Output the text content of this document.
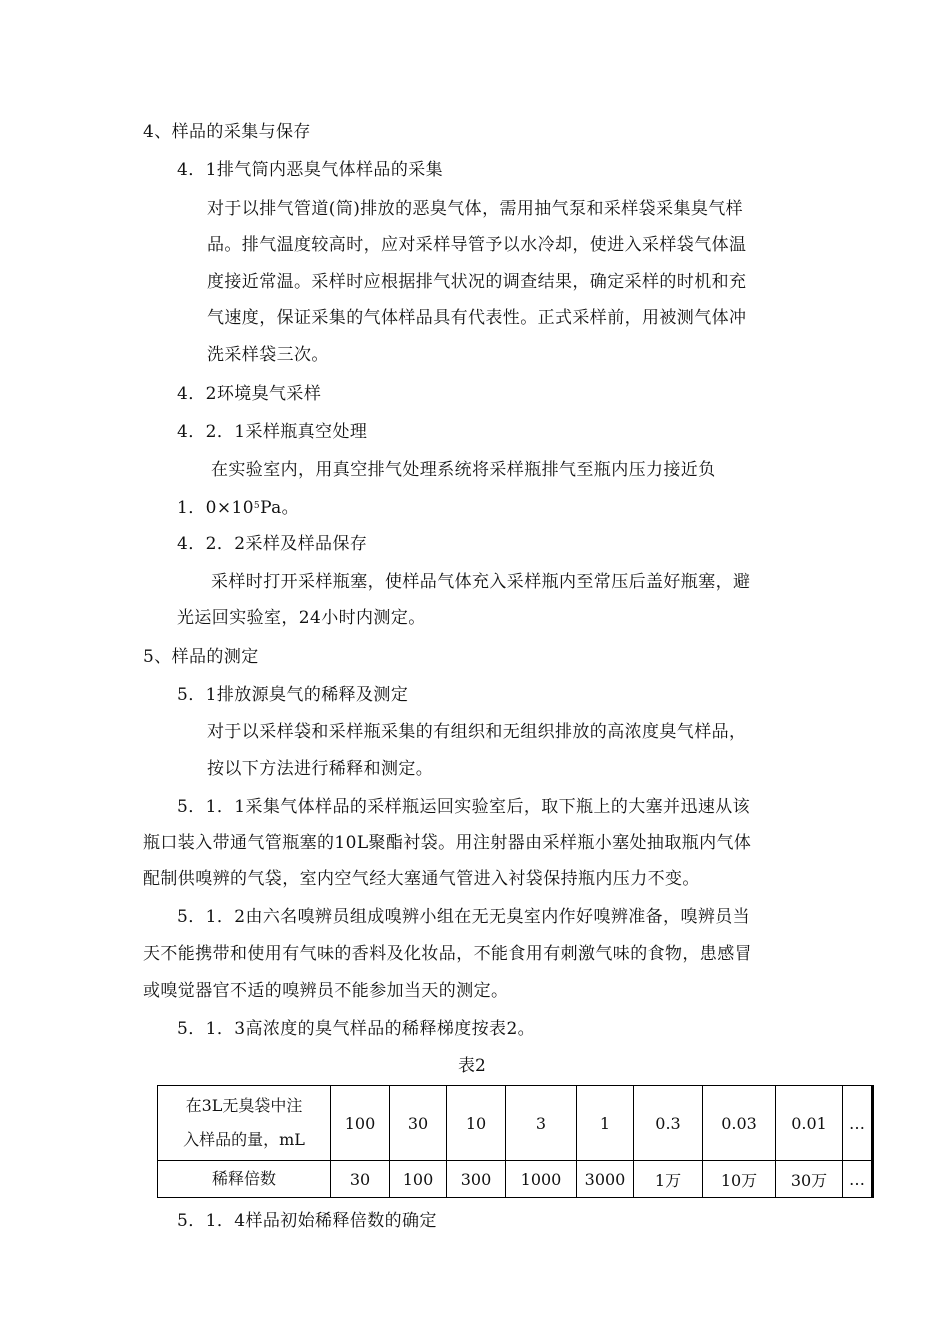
4、样品的采集与保存
4．1排气筒内恶臭气体样品的采集
对于以排气管道(筒)排放的恶臭气体，需用抽气泵和采样袋采集臭气样
品。排气温度较高时，应对采样导管予以水冷却，使进入采样袋气体温
度接近常温。采样时应根据排气状况的调查结果，确定采样的时机和充
气速度，保证采集的气体样品具有代表性。正式采样前，用被测气体冲
洗采样袋三次。
4．2环境臭气采样
4．2．1采样瓶真空处理
在实验室内，用真空排气处理系统将采样瓶排气至瓶内压力接近负
1．$0\times 10^5Pa$。
4．2．2采样及样品保存
采样时打开采样瓶塞，使样品气体充入采样瓶内至常压后盖好瓶塞，避
光运回实验室，24小时内测定。
5、样品的测定
5．1排放源臭气的稀释及测定
对于以采样袋和采样瓶采集的有组织和无组织排放的高浓度臭气样品，
按以下方法进行稀释和测定。
5．1．1采集气体样品的采样瓶运回实验室后，取下瓶上的大塞并迅速从该
瓶口装入带通气管瓶塞的10L聚酯衬袋。用注射器由采样瓶小塞处抽取瓶内气体
配制供嗅辨的气袋，室内空气经大塞通气管进入衬袋保持瓶内压力不变。
5．1．2由六名嗅辨员组成嗅辨小组在无无臭室内作好嗅辨准备，嗅辨员当
天不能携带和使用有气味的香料及化妆品，不能食用有刺激气味的食物，患感冒
或嗅觉器官不适的嗅辨员不能参加当天的测定。
5．1．3高浓度的臭气样品的稀释梯度按表2。
表2
在3L无臭袋中注
入样品的量，mL	100	30	10	3	1	0.3	0.03	0.01	…
稀释倍数	30	100	300	1000	3000	1万	10万	30万	…
5．1．4样品初始稀释倍数的确定
